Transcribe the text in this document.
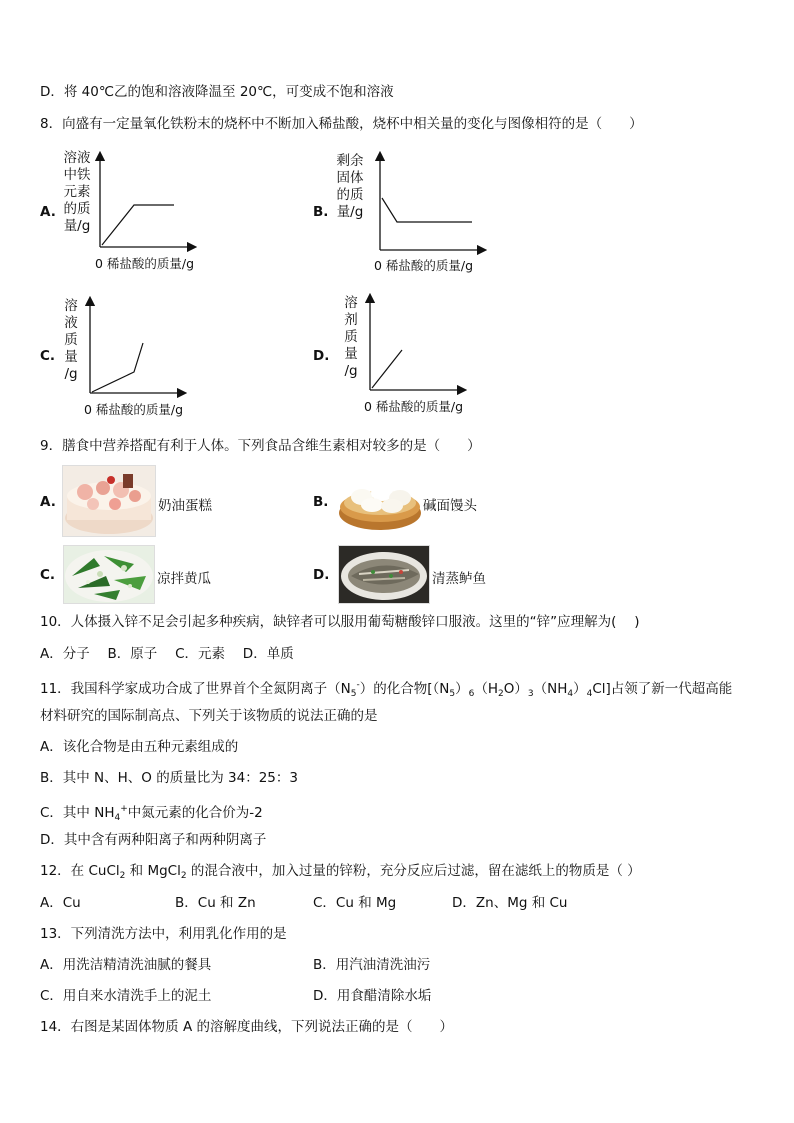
D．将 40℃乙的饱和溶液降温至 20℃，可变成不饱和溶液
8．向盛有一定量氧化铁粉末的烧杯中不断加入稀盐酸，烧杯中相关量的变化与图像相符的是（　　）
A.
溶液
中铁
元素
的质
量/g
0 稀盐酸的质量/g
B.
剩余
固体
的质
量/g
0 稀盐酸的质量/g
C.
溶
液
质
量
/g
0 稀盐酸的质量/g
D.
溶
剂
质
量
/g
0 稀盐酸的质量/g
9．膳食中营养搭配有利于人体。下列食品含维生素相对较多的是（　　）
A.	奶油蛋糕	B.	碱面馒头
C.	凉拌黄瓜	D.	清蒸鲈鱼
10．人体摄入锌不足会引起多种疾病，缺锌者可以服用葡萄糖酸锌口服液。这里的“锌”应理解为(　 )
A．分子　 B．原子　 C．元素　 D．单质
11．我国科学家成功合成了世界首个全氮阴离子$(N_5^-)$的化合物$[(N_5)_6(H_2O)_3(NH_4)_4Cl]$占领了新一代超高能
材料研究的国际制高点、下列关于该物质的说法正确的是
A．该化合物是由五种元素组成的
B．其中 N、H、O 的质量比为 34：25：3
C．其中 $NH_4^+$中氮元素的化合价为-2
D．其中含有两种阳离子和两种阴离子
12．在 CuCl$_2$ 和 MgCl$_2$ 的混合液中，加入过量的锌粉，充分反应后过滤，留在滤纸上的物质是（ ）
A．Cu	B．Cu 和 Zn	C．Cu 和 Mg	D．Zn、Mg 和 Cu
13．下列清洗方法中，利用乳化作用的是
A．用洗洁精清洗油腻的餐具	B．用汽油清洗油污
C．用自来水清洗手上的泥土	D．用食醋清除水垢
14．右图是某固体物质 A 的溶解度曲线，下列说法正确的是（　　）
